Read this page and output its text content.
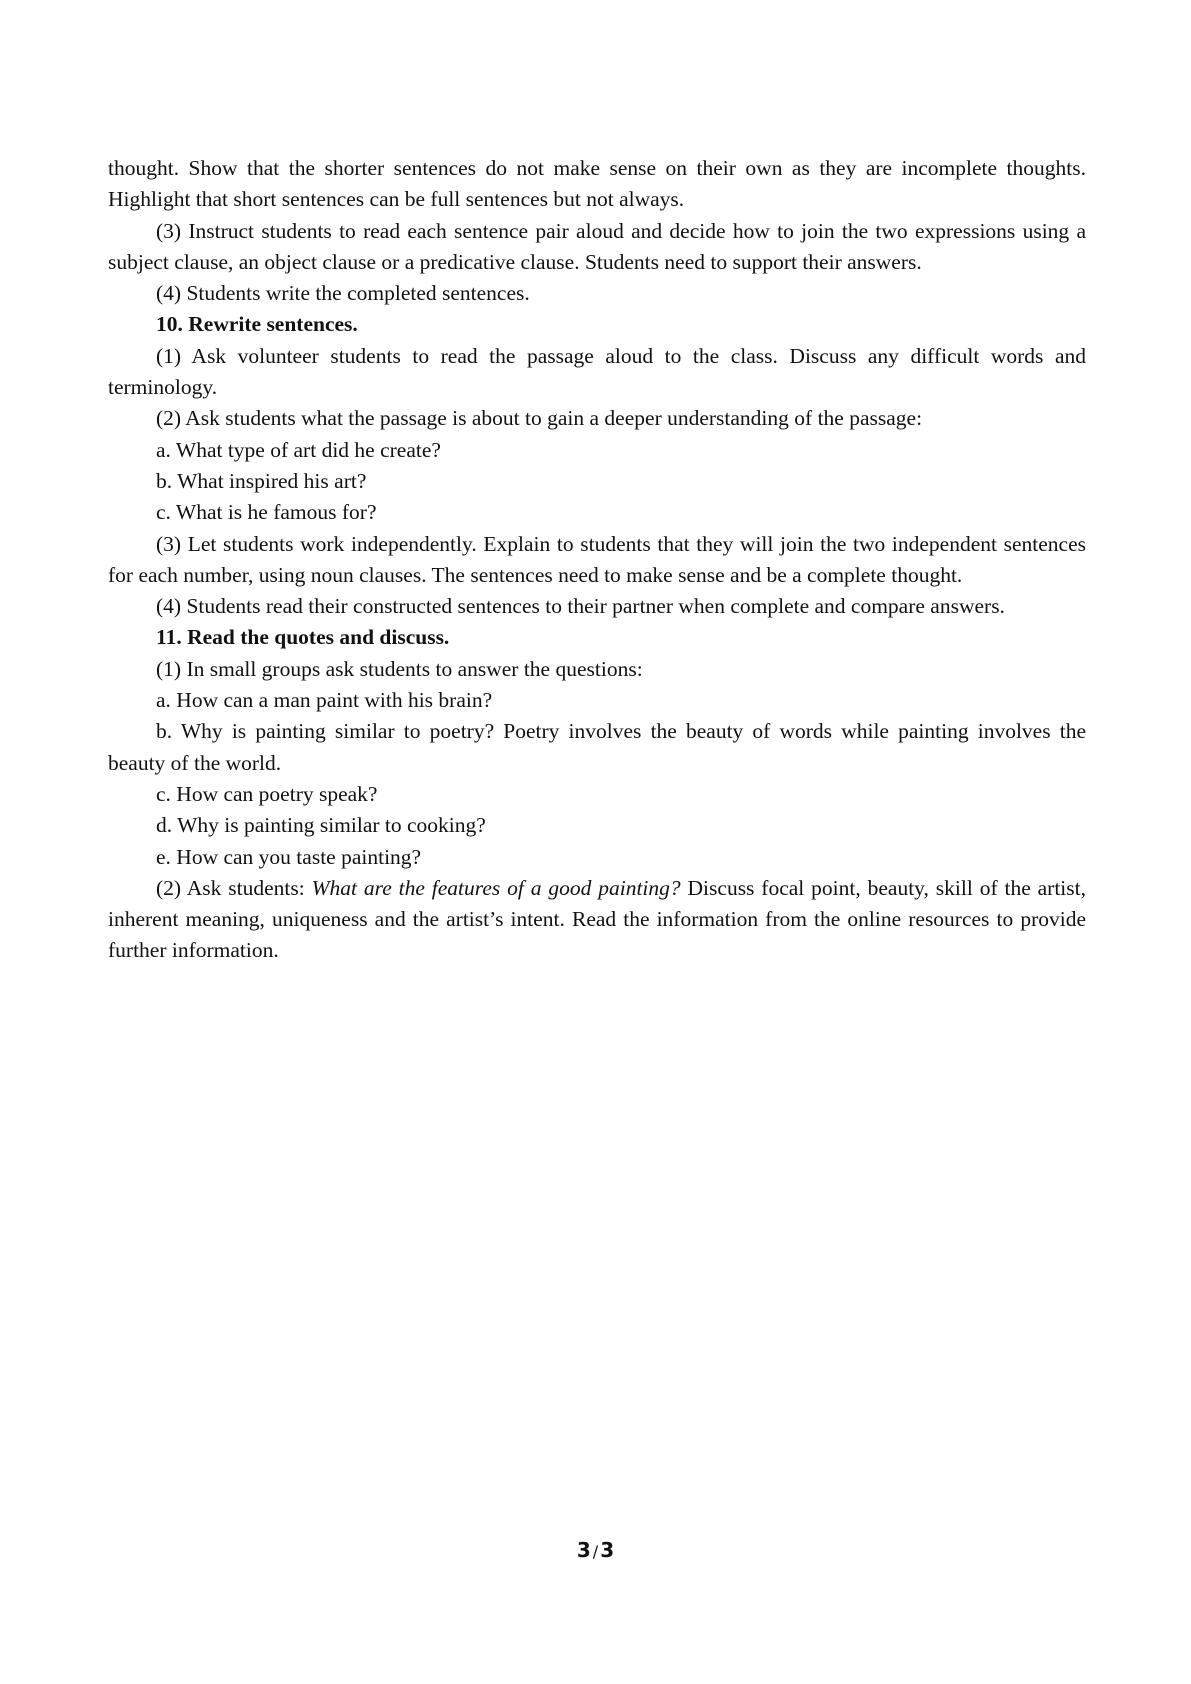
thought. Show that the shorter sentences do not make sense on their own as they are incomplete thoughts. Highlight that short sentences can be full sentences but not always.

(3) Instruct students to read each sentence pair aloud and decide how to join the two expressions using a subject clause, an object clause or a predicative clause. Students need to support their answers.

(4) Students write the completed sentences.

10. Rewrite sentences.

(1) Ask volunteer students to read the passage aloud to the class. Discuss any difficult words and terminology.

(2) Ask students what the passage is about to gain a deeper understanding of the passage:

a. What type of art did he create?

b. What inspired his art?

c. What is he famous for?

(3) Let students work independently. Explain to students that they will join the two independent sentences for each number, using noun clauses. The sentences need to make sense and be a complete thought.

(4) Students read their constructed sentences to their partner when complete and compare answers.

11. Read the quotes and discuss.

(1) In small groups ask students to answer the questions:

a. How can a man paint with his brain?

b. Why is painting similar to poetry? Poetry involves the beauty of words while painting involves the beauty of the world.

c. How can poetry speak?

d. Why is painting similar to cooking?

e. How can you taste painting?

(2) Ask students: What are the features of a good painting? Discuss focal point, beauty, skill of the artist, inherent meaning, uniqueness and the artist’s intent. Read the information from the online resources to provide further information.

3 / 3
